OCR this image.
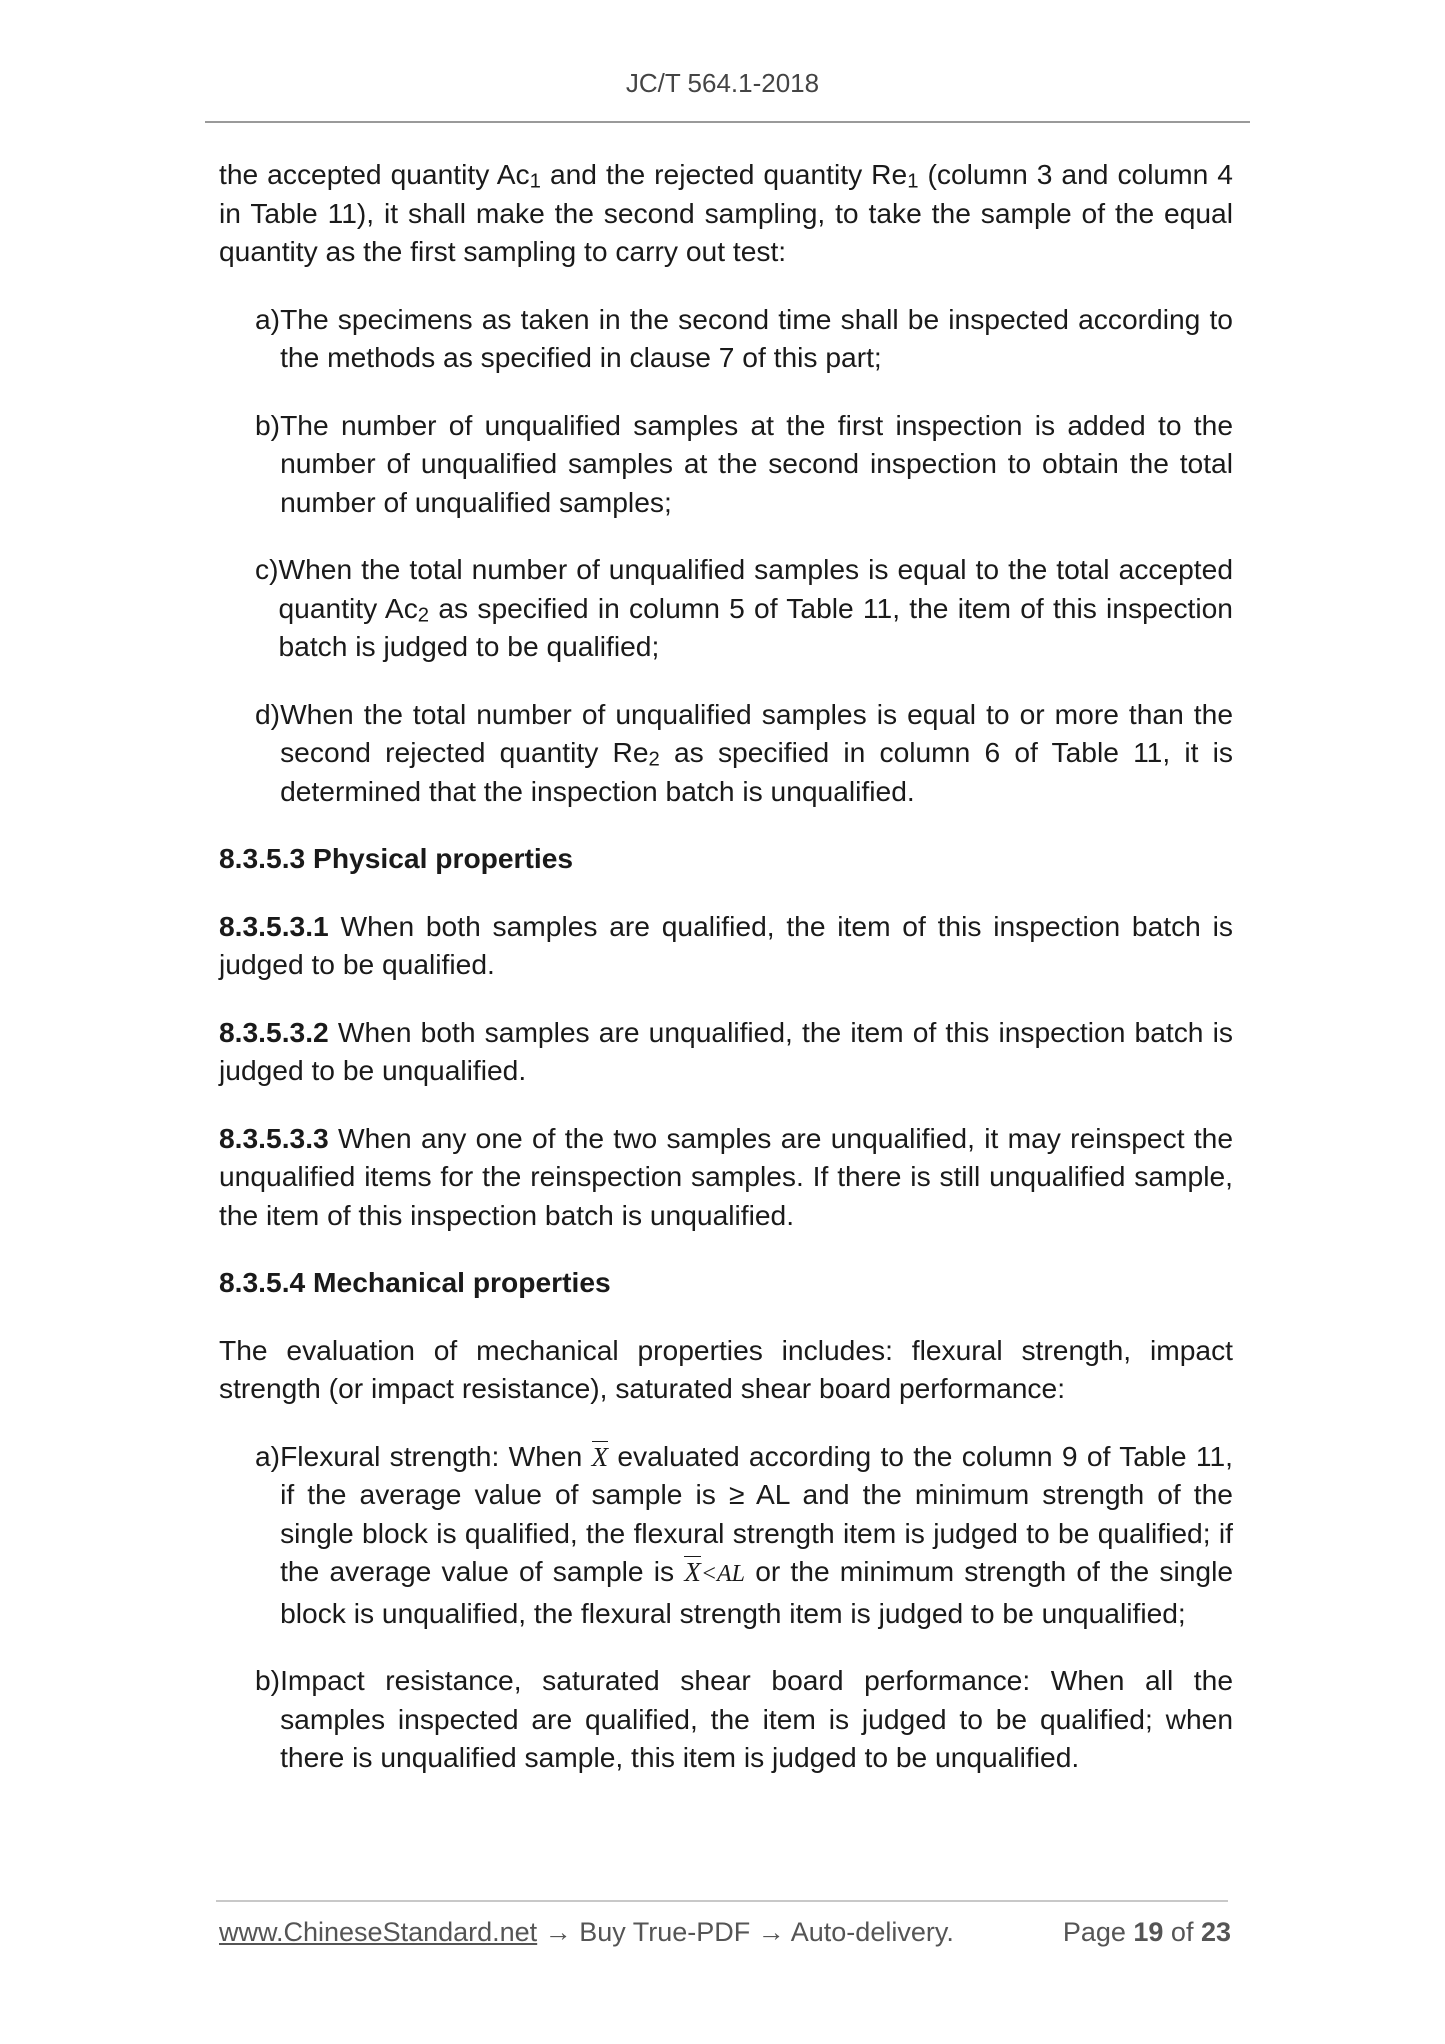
JC/T 564.1-2018

the accepted quantity $Ac_1$ and the rejected quantity $Re_1$ (column 3 and column 4 in Table 11), it shall make the second sampling, to take the sample of the equal quantity as the first sampling to carry out test:

a) The specimens as taken in the second time shall be inspected according to the methods as specified in clause 7 of this part;
b) The number of unqualified samples at the first inspection is added to the number of unqualified samples at the second inspection to obtain the total number of unqualified samples;
c) When the total number of unqualified samples is equal to the total accepted quantity $Ac_2$ as specified in column 5 of Table 11, the item of this inspection batch is judged to be qualified;
d) When the total number of unqualified samples is equal to or more than the second rejected quantity $Re_2$ as specified in column 6 of Table 11, it is determined that the inspection batch is unqualified.

8.3.5.3 Physical properties

8.3.5.3.1 When both samples are qualified, the item of this inspection batch is judged to be qualified.

8.3.5.3.2 When both samples are unqualified, the item of this inspection batch is judged to be unqualified.

8.3.5.3.3 When any one of the two samples are unqualified, it may reinspect the unqualified items for the reinspection samples. If there is still unqualified sample, the item of this inspection batch is unqualified.

8.3.5.4 Mechanical properties

The evaluation of mechanical properties includes: flexural strength, impact strength (or impact resistance), saturated shear board performance:

a) Flexural strength: When X evaluated according to the column 9 of Table 11, if the average value of sample is ≥ AL and the minimum strength of the single block is qualified, the flexural strength item is judged to be qualified; if the average value of sample is X<AL or the minimum strength of the single block is unqualified, the flexural strength item is judged to be unqualified;
b) Impact resistance, saturated shear board performance: When all the samples inspected are qualified, the item is judged to be qualified; when there is unqualified sample, this item is judged to be unqualified.
www.ChineseStandard.net → Buy True-PDF → Auto-delivery.	Page 19 of 23
